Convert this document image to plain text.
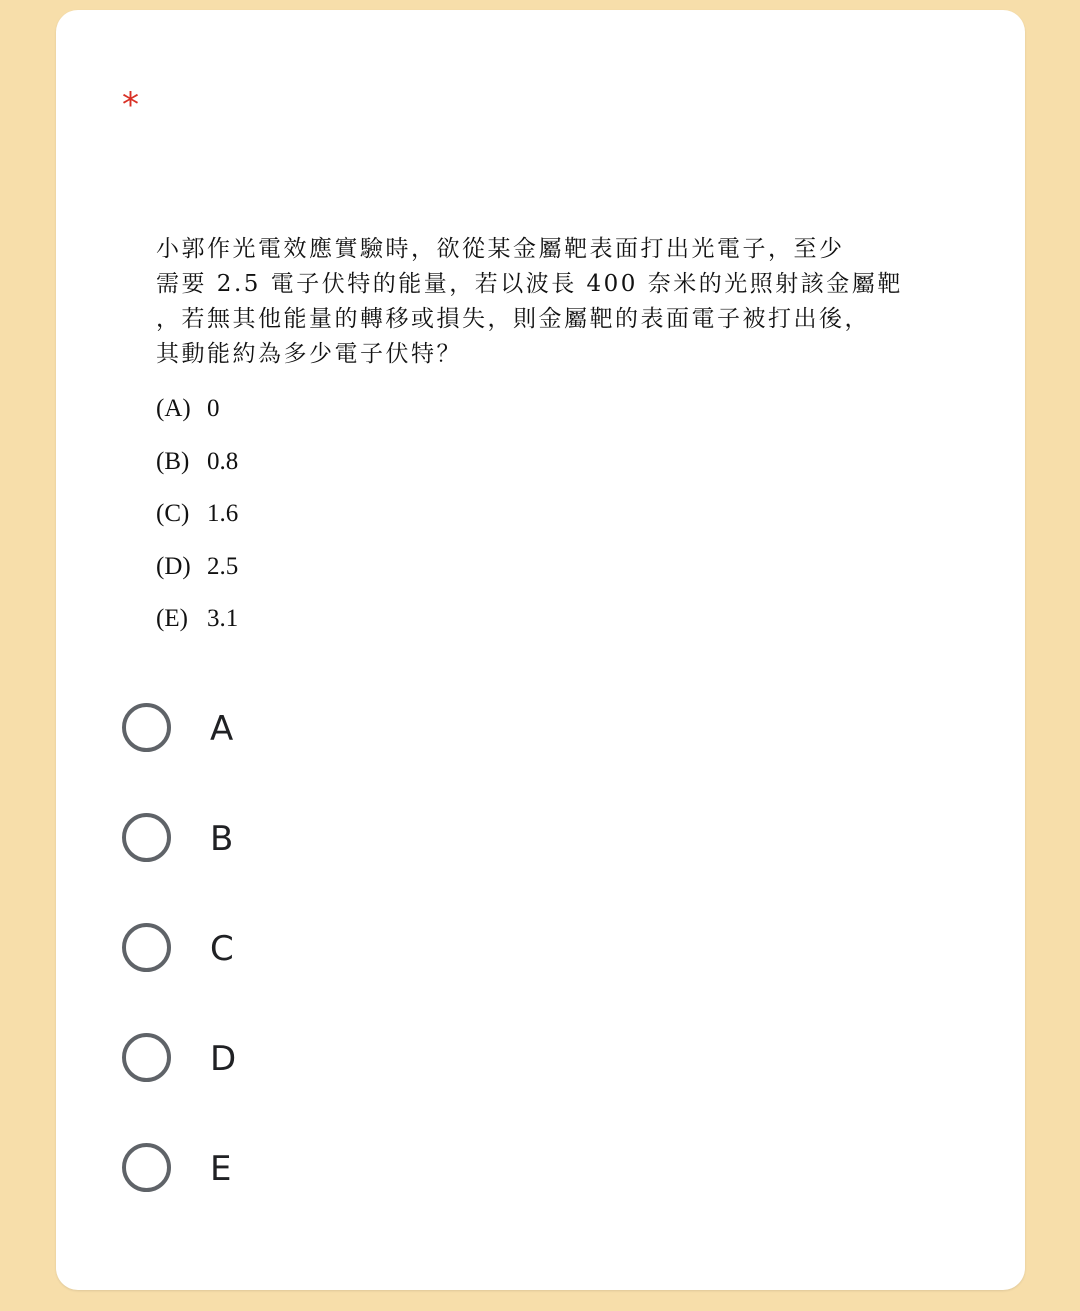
*
小郭作光電效應實驗時，欲從某金屬靶表面打出光電子，至少
需要 2.5 電子伏特的能量，若以波長 400 奈米的光照射該金屬靶
，若無其他能量的轉移或損失，則金屬靶的表面電子被打出後，
其動能約為多少電子伏特？
(A) 0
(B) 0.8
(C) 1.6
(D) 2.5
(E) 3.1
A
B
C
D
E
